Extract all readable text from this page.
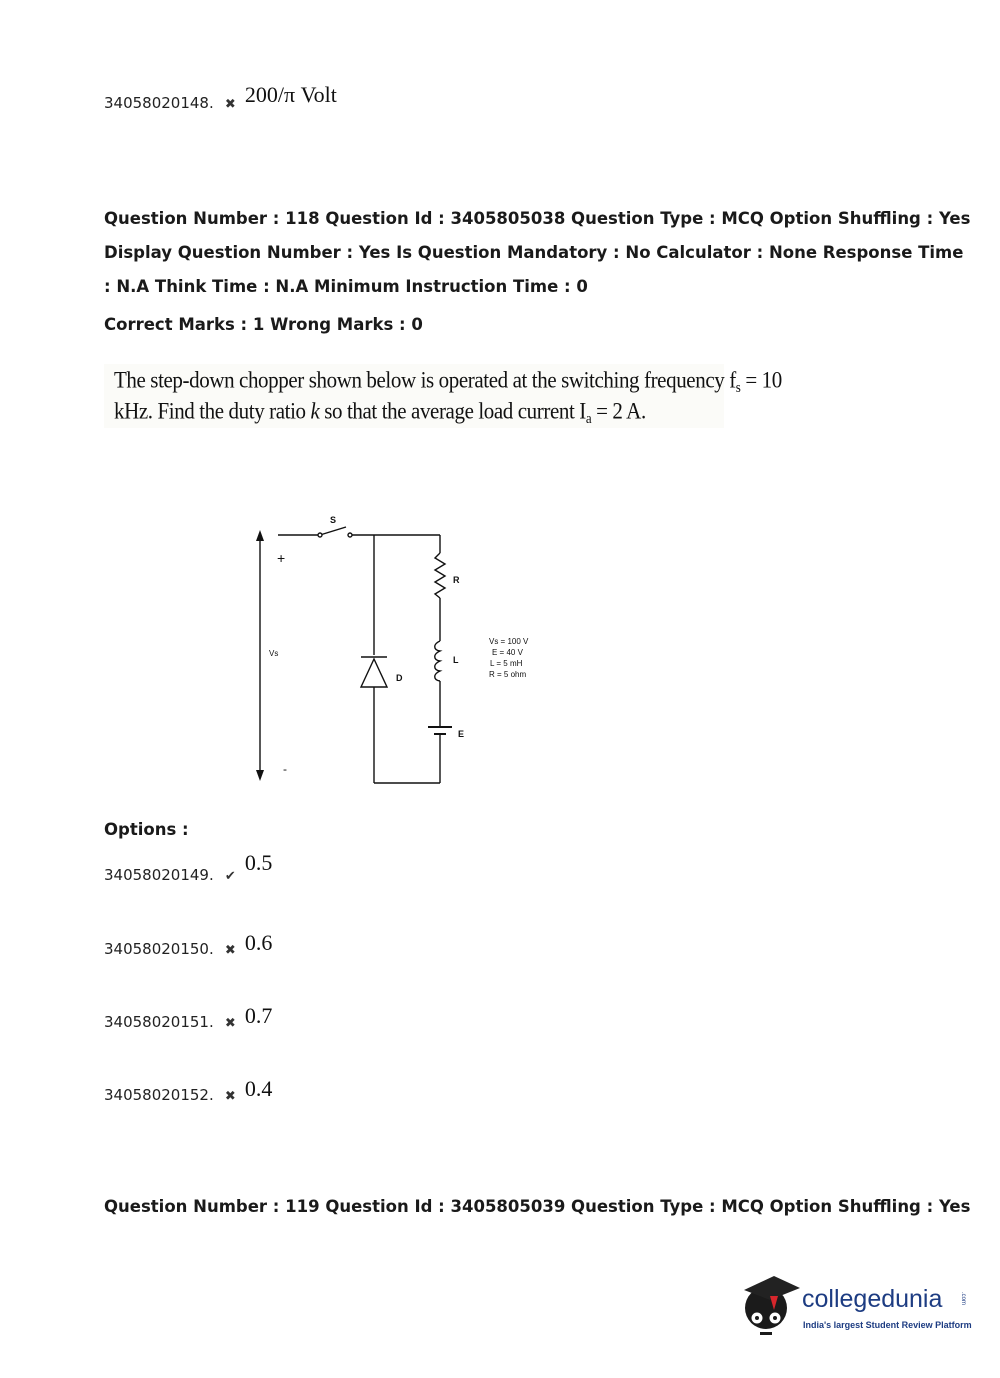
34058020148. ✖ 200/π Volt
Question Number : 118 Question Id : 3405805038 Question Type : MCQ Option Shuffling : Yes
Display Question Number : Yes Is Question Mandatory : No Calculator : None Response Time
: N.A Think Time : N.A Minimum Instruction Time : 0
Correct Marks : 1 Wrong Marks : 0
The step-down chopper shown below is operated at the switching frequency $f_s = 10$
kHz. Find the duty ratio k so that the average load current $I_a = 2$ A.
S
+
-
Vs
D
R
L
E
Vs = 100 V
E = 40 V
L = 5 mH
R = 5 ohm
Options :
34058020149. ✔ 0.5
34058020150. ✖ 0.6
34058020151. ✖ 0.7
34058020152. ✖ 0.4
Question Number : 119 Question Id : 3405805039 Question Type : MCQ Option Shuffling : Yes
collegedunia	.com
India's largest Student Review Platform
